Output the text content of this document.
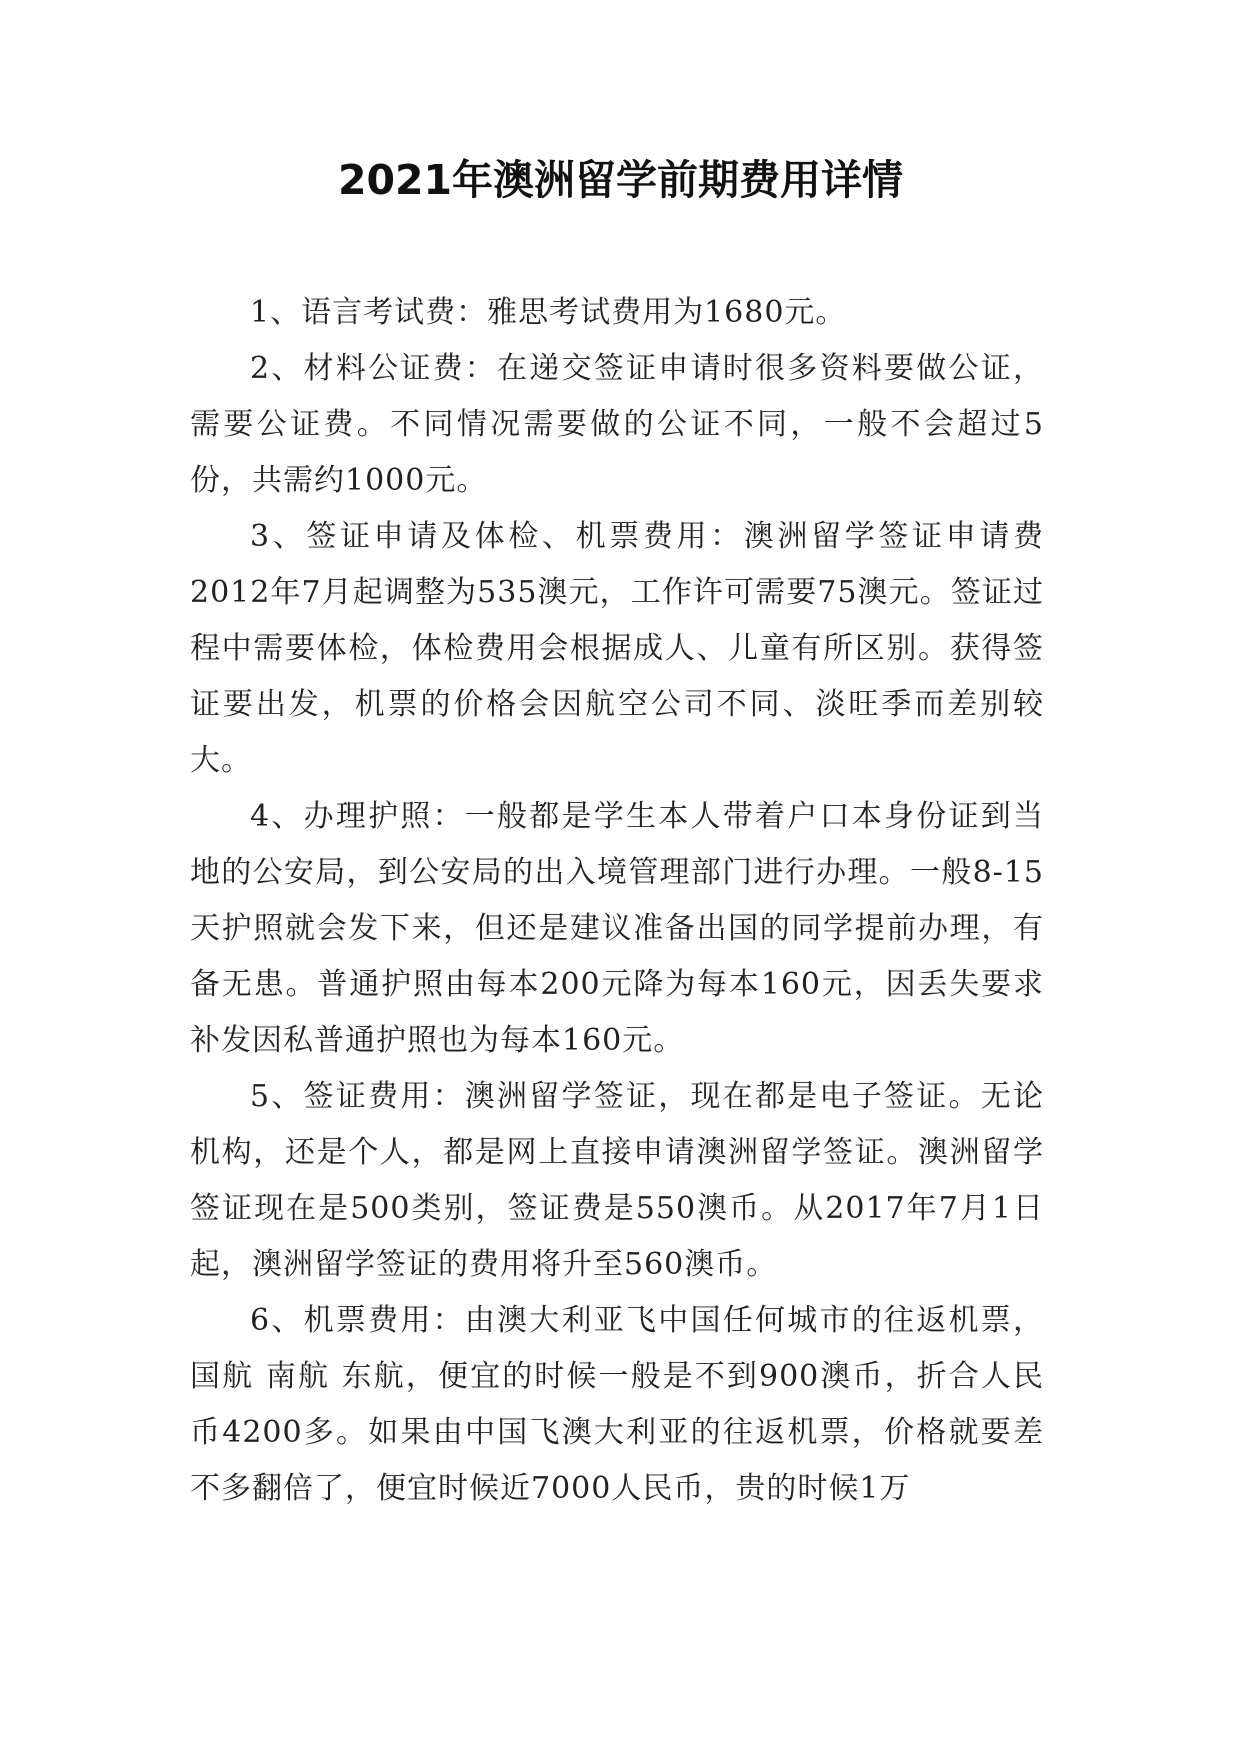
2021年澳洲留学前期费用详情

1、语言考试费：雅思考试费用为1680元。

2、材料公证费：在递交签证申请时很多资料要做公证，需要公证费。不同情况需要做的公证不同，一般不会超过5份，共需约1000元。

3、签证申请及体检、机票费用：澳洲留学签证申请费2012年7月起调整为535澳元，工作许可需要75澳元。签证过程中需要体检，体检费用会根据成人、儿童有所区别。获得签证要出发，机票的价格会因航空公司不同、淡旺季而差别较大。

4、办理护照：一般都是学生本人带着户口本身份证到当地的公安局，到公安局的出入境管理部门进行办理。一般8-15天护照就会发下来，但还是建议准备出国的同学提前办理，有备无患。普通护照由每本200元降为每本160元，因丢失要求补发因私普通护照也为每本160元。

5、签证费用：澳洲留学签证，现在都是电子签证。无论机构，还是个人，都是网上直接申请澳洲留学签证。澳洲留学签证现在是500类别，签证费是550澳币。从2017年7月1日起，澳洲留学签证的费用将升至560澳币。

6、机票费用：由澳大利亚飞中国任何城市的往返机票，国航 南航 东航，便宜的时候一般是不到900澳币，折合人民币4200多。如果由中国飞澳大利亚的往返机票，价格就要差不多翻倍了，便宜时候近7000人民币，贵的时候1万
